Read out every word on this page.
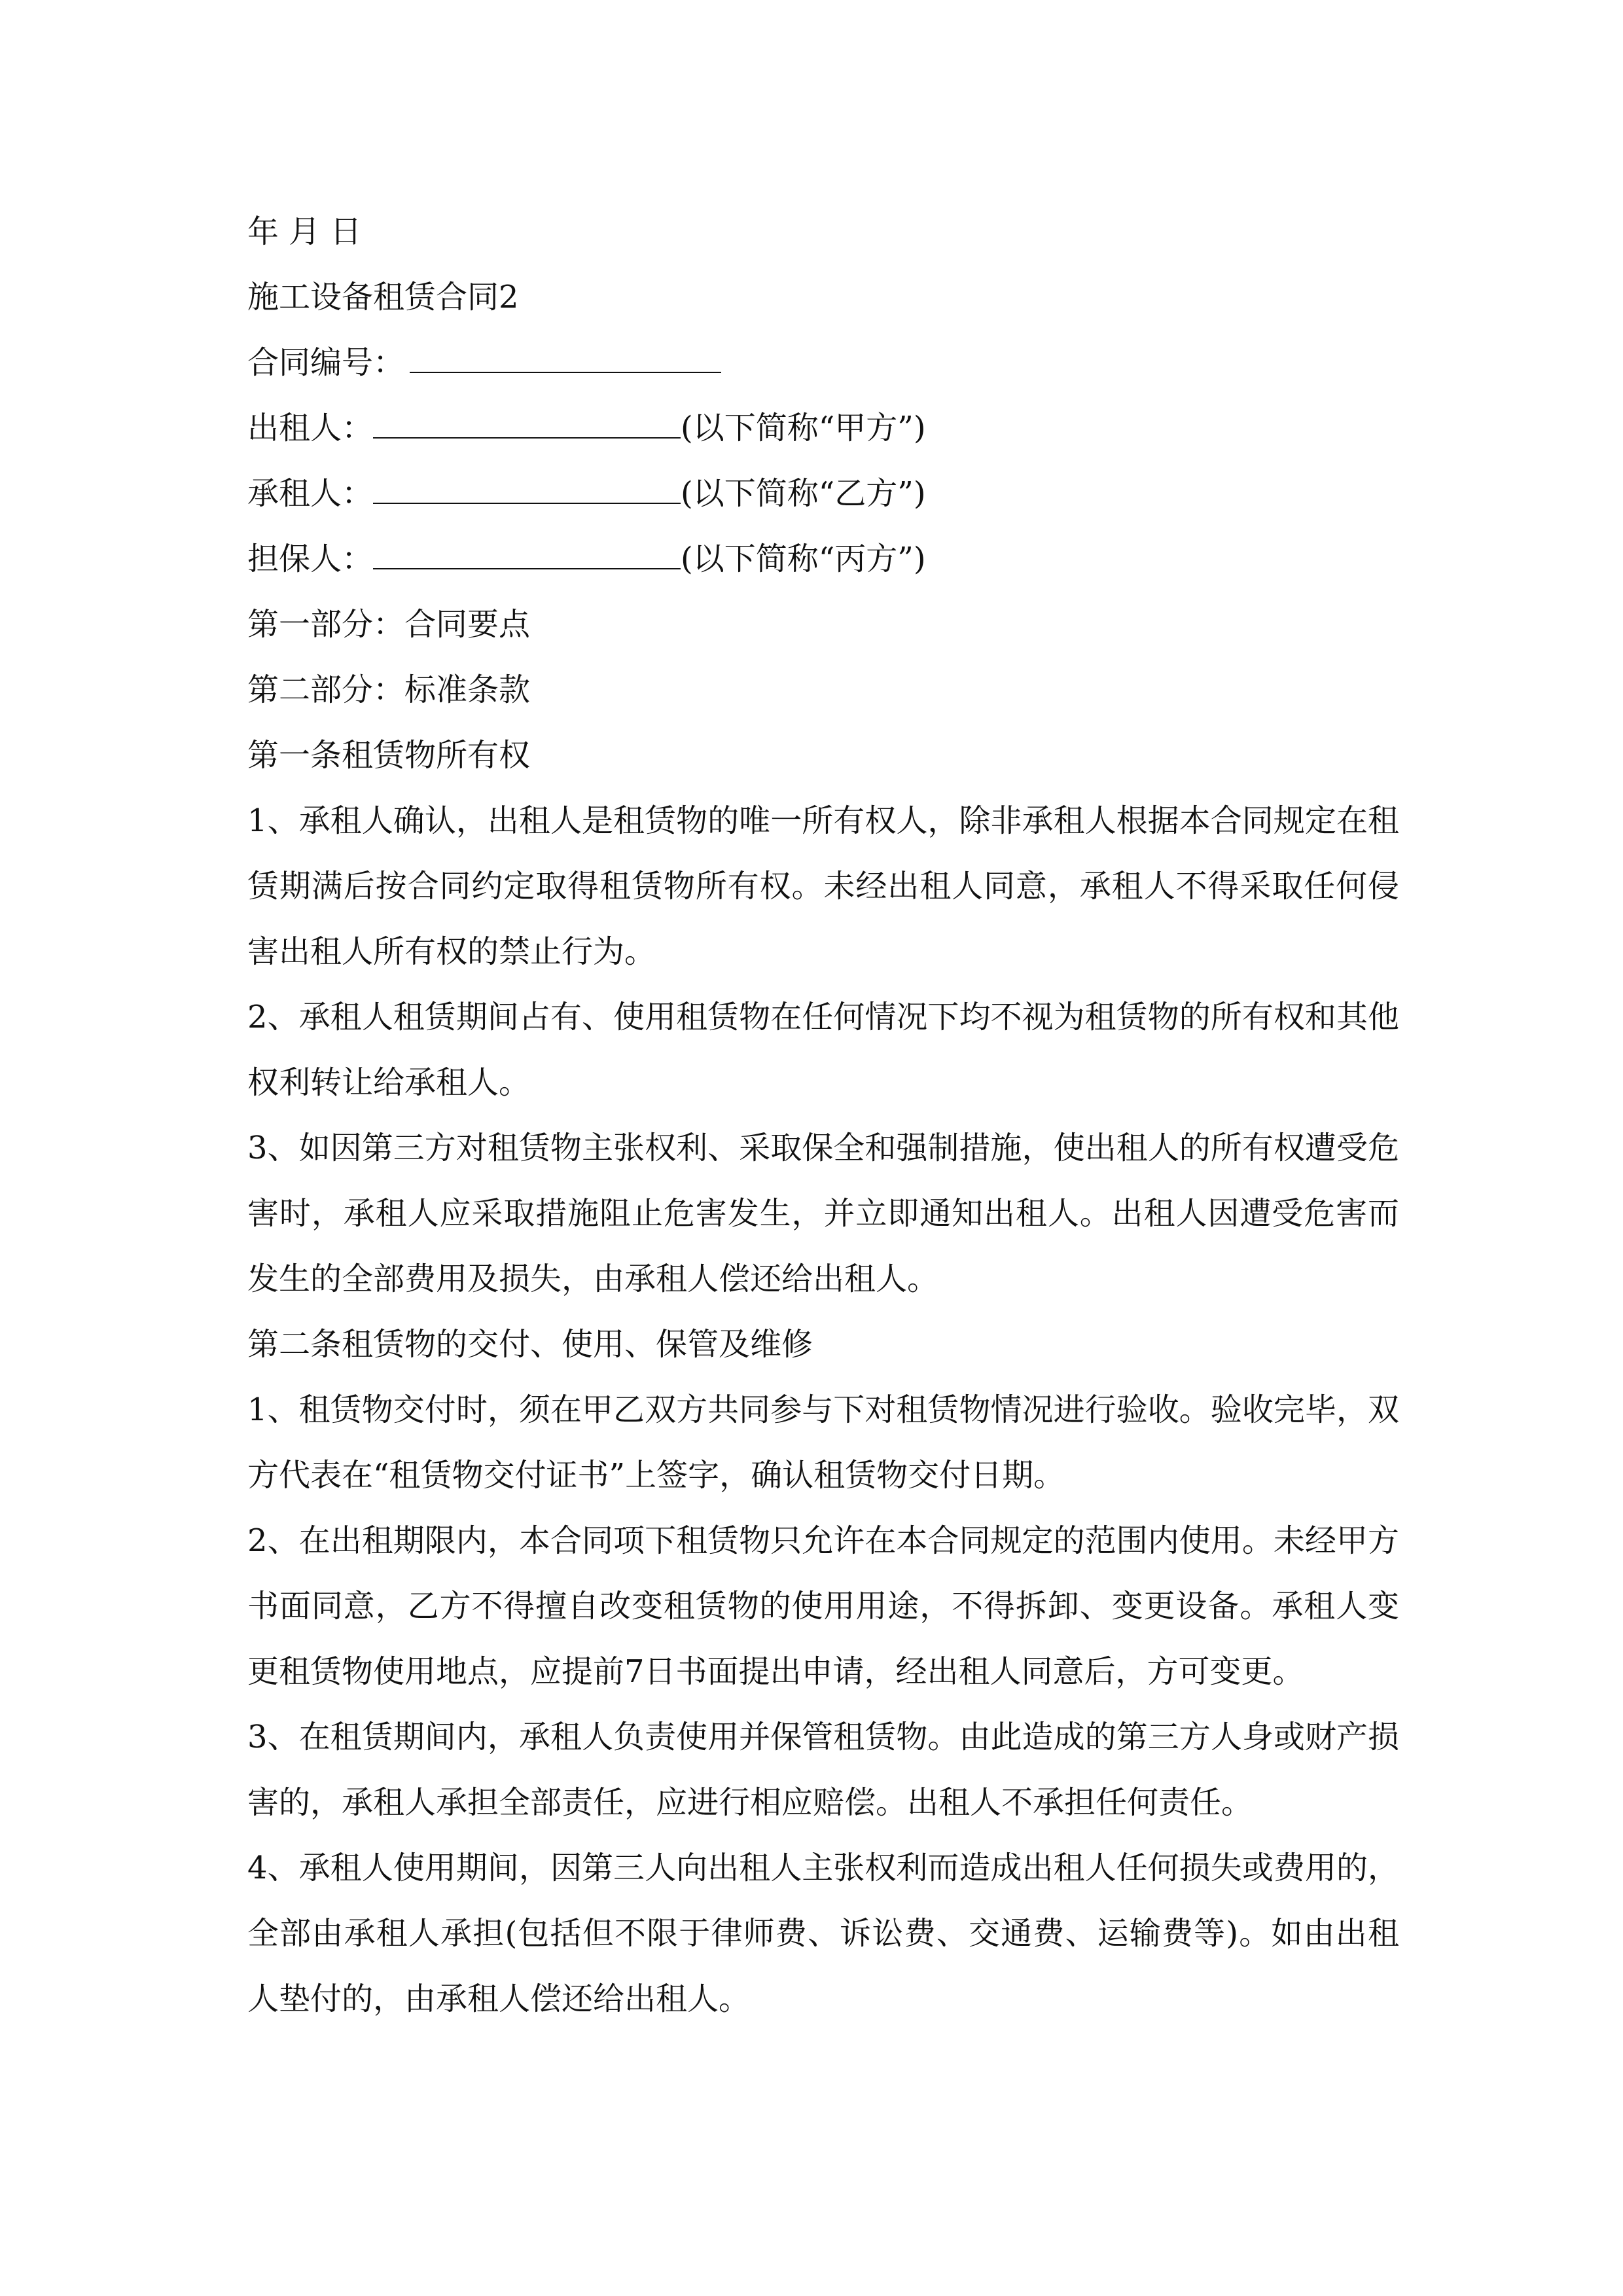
年 月 日

施工设备租赁合同2

合同编号：

出租人：	(以下简称“甲方”)

承租人：	(以下简称“乙方”)

担保人：	(以下简称“丙方”)

第一部分：合同要点

第二部分：标准条款

第一条租赁物所有权

1、承租人确认，出租人是租赁物的唯一所有权人，除非承租人根据本合同规定在租赁期满后按合同约定取得租赁物所有权。未经出租人同意，承租人不得采取任何侵害出租人所有权的禁止行为。

2、承租人租赁期间占有、使用租赁物在任何情况下均不视为租赁物的所有权和其他权利转让给承租人。

3、如因第三方对租赁物主张权利、采取保全和强制措施，使出租人的所有权遭受危害时，承租人应采取措施阻止危害发生，并立即通知出租人。出租人因遭受危害而发生的全部费用及损失，由承租人偿还给出租人。

第二条租赁物的交付、使用、保管及维修

1、租赁物交付时，须在甲乙双方共同参与下对租赁物情况进行验收。验收完毕，双方代表在“租赁物交付证书”上签字，确认租赁物交付日期。

2、在出租期限内，本合同项下租赁物只允许在本合同规定的范围内使用。未经甲方书面同意，乙方不得擅自改变租赁物的使用用途，不得拆卸、变更设备。承租人变更租赁物使用地点，应提前7日书面提出申请，经出租人同意后，方可变更。

3、在租赁期间内，承租人负责使用并保管租赁物。由此造成的第三方人身或财产损害的，承租人承担全部责任，应进行相应赔偿。出租人不承担任何责任。

4、承租人使用期间，因第三人向出租人主张权利而造成出租人任何损失或费用的，全部由承租人承担(包括但不限于律师费、诉讼费、交通费、运输费等)。如由出租人垫付的，由承租人偿还给出租人。
